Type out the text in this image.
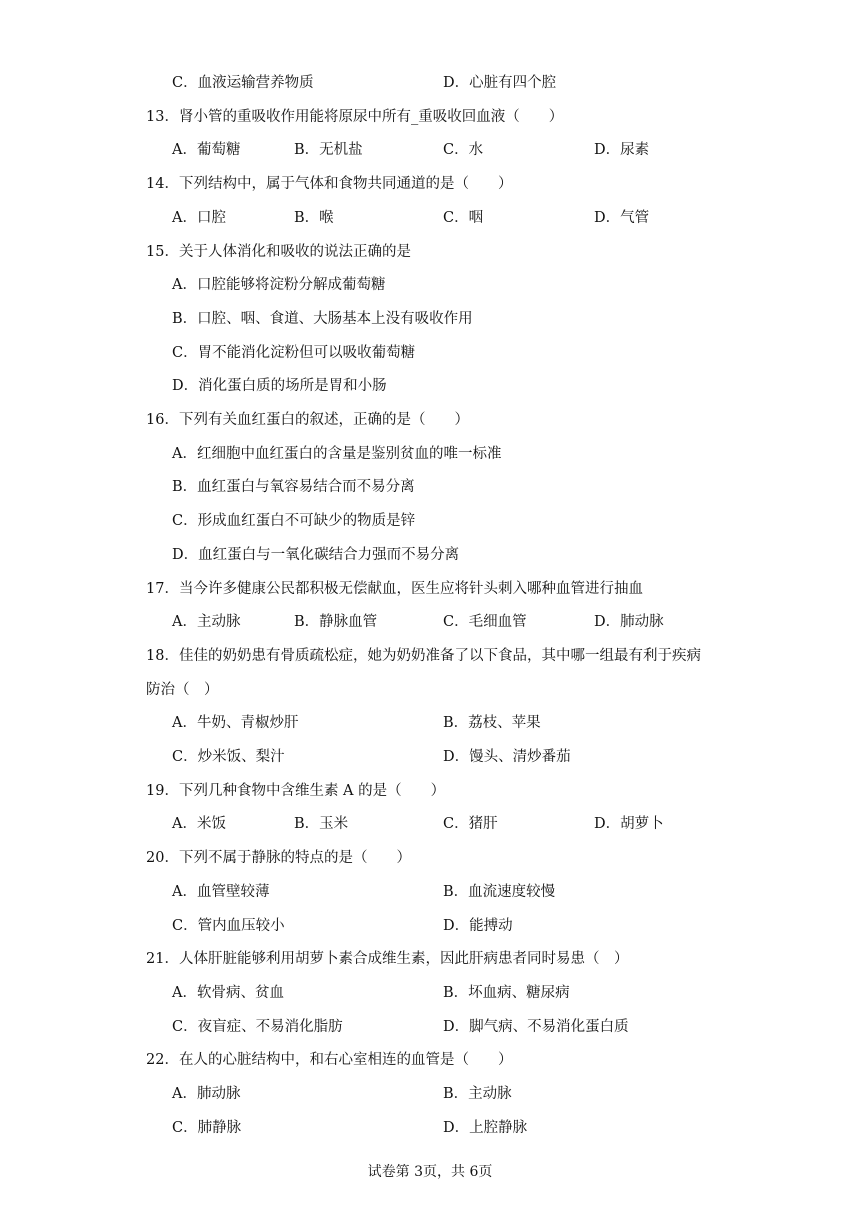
C．血液运输营养物质	D．心脏有四个腔
13．肾小管的重吸收作用能将原尿中所有_重吸收回血液（　　）
A．葡萄糖	B．无机盐	C．水	D．尿素
14．下列结构中，属于气体和食物共同通道的是（　　）
A．口腔	B．喉	C．咽	D．气管
15．关于人体消化和吸收的说法正确的是
A．口腔能够将淀粉分解成葡萄糖
B．口腔、咽、食道、大肠基本上没有吸收作用
C．胃不能消化淀粉但可以吸收葡萄糖
D．消化蛋白质的场所是胃和小肠
16．下列有关血红蛋白的叙述，正确的是（　　）
A．红细胞中血红蛋白的含量是鉴别贫血的唯一标准
B．血红蛋白与氧容易结合而不易分离
C．形成血红蛋白不可缺少的物质是锌
D．血红蛋白与一氧化碳结合力强而不易分离
17．当今许多健康公民都积极无偿献血，医生应将针头刺入哪种血管进行抽血
A．主动脉	B．静脉血管	C．毛细血管	D．肺动脉
18．佳佳的奶奶患有骨质疏松症，她为奶奶准备了以下食品，其中哪一组最有利于疾病
防治（　）
A．牛奶、青椒炒肝	B．荔枝、苹果
C．炒米饭、梨汁	D．馒头、清炒番茄
19．下列几种食物中含维生素 A 的是（　　）
A．米饭	B．玉米	C．猪肝	D．胡萝卜
20．下列不属于静脉的特点的是（　　）
A．血管壁较薄	B．血流速度较慢
C．管内血压较小	D．能搏动
21．人体肝脏能够利用胡萝卜素合成维生素，因此肝病患者同时易患（　）
A．软骨病、贫血	B．坏血病、糖尿病
C．夜盲症、不易消化脂肪	D．脚气病、不易消化蛋白质
22．在人的心脏结构中，和右心室相连的血管是（　　）
A．肺动脉	B．主动脉
C．肺静脉	D．上腔静脉
试卷第 3页，共 6页
